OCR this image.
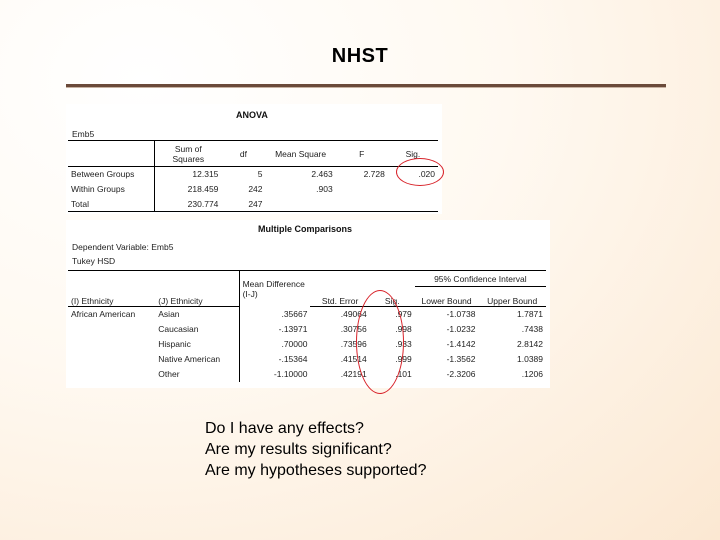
NHST
ANOVA
Emb5
	Sum of Squares	df	Mean Square	F	Sig.
Between Groups	12.315	5	2.463	2.728	.020
Within Groups	218.459	242	.903		
Total	230.774	247			
Multiple Comparisons
Dependent Variable: Emb5
Tukey HSD
		Mean Difference (I-J)			95% Confidence Interval	
(I) Ethnicity	(J) Ethnicity		Std. Error	Sig.	Lower Bound	Upper Bound
African American	Asian	.35667	.49064	.979	-1.0738	1.7871
	Caucasian	-.13971	.30756	.998	-1.0232	.7438
	Hispanic	.70000	.73596	.933	-1.4142	2.8142
	Native American	-.15364	.41514	.999	-1.3562	1.0389
	Other	-1.10000	.42191	.101	-2.3206	.1206
Do I have any effects?
Are my results significant?
Are my hypotheses supported?
